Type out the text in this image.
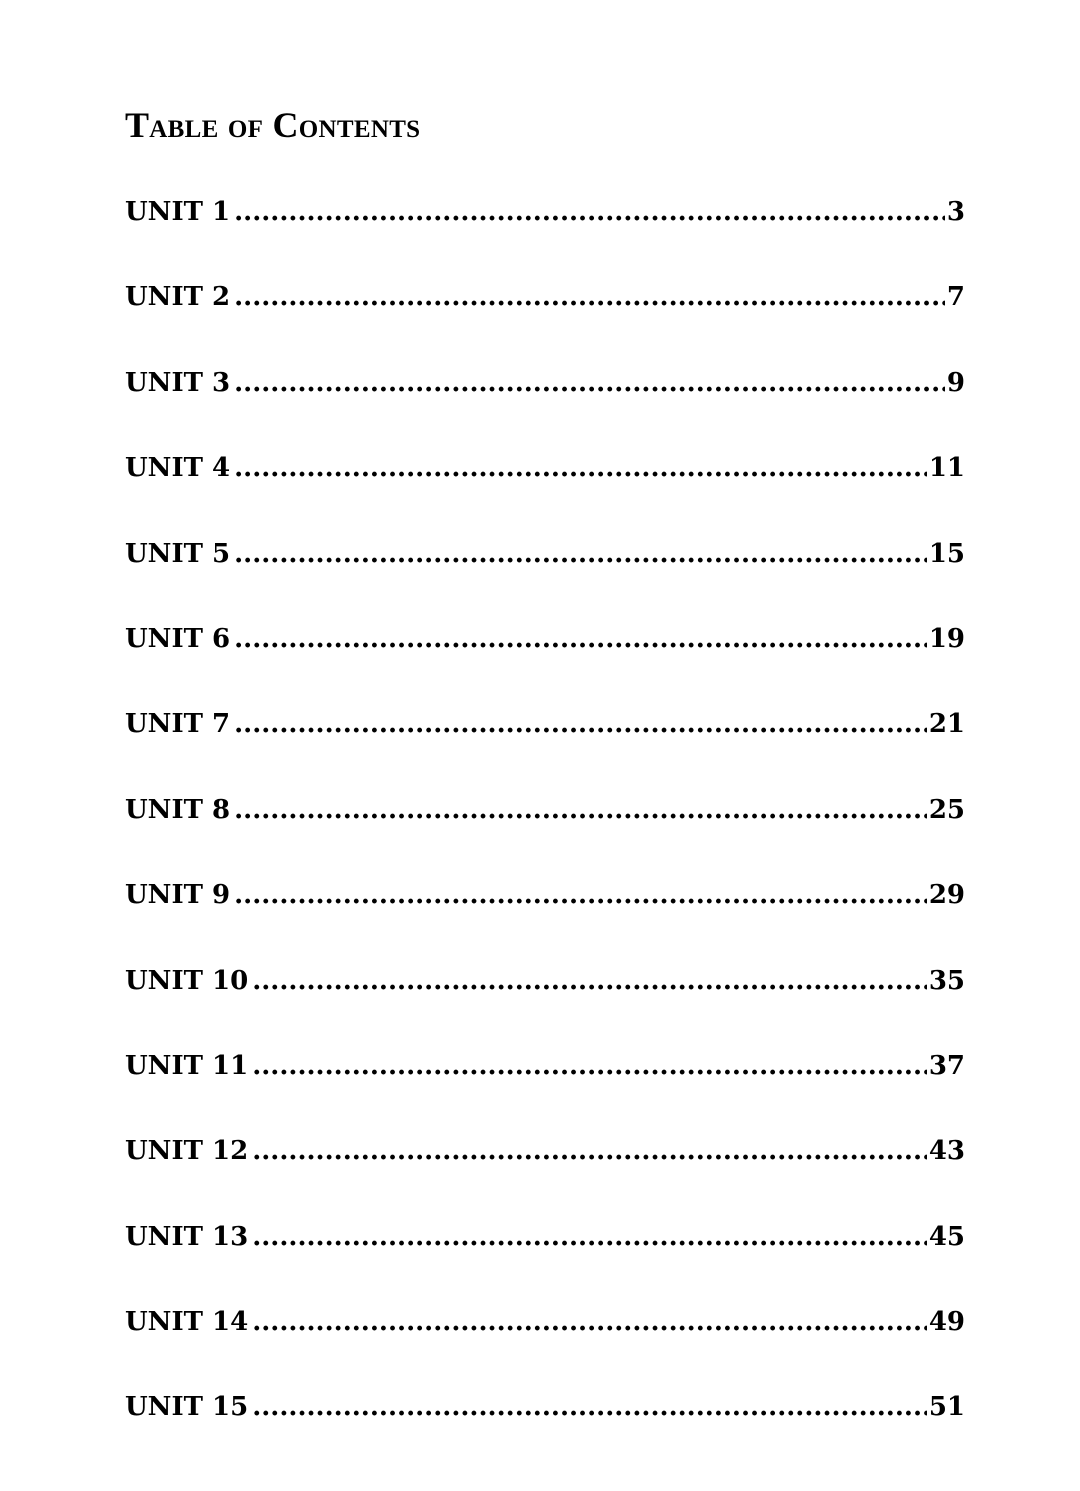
Table of Contents
UNIT 1 .....	3
UNIT 2 .....	7
UNIT 3 .....	9
UNIT 4 .....	11
UNIT 5 .....	15
UNIT 6 .....	19
UNIT 7 .....	21
UNIT 8 .....	25
UNIT 9 .....	29
UNIT 10 .....	35
UNIT 11 .....	37
UNIT 12 .....	43
UNIT 13 .....	45
UNIT 14 .....	49
UNIT 15 .....	51
